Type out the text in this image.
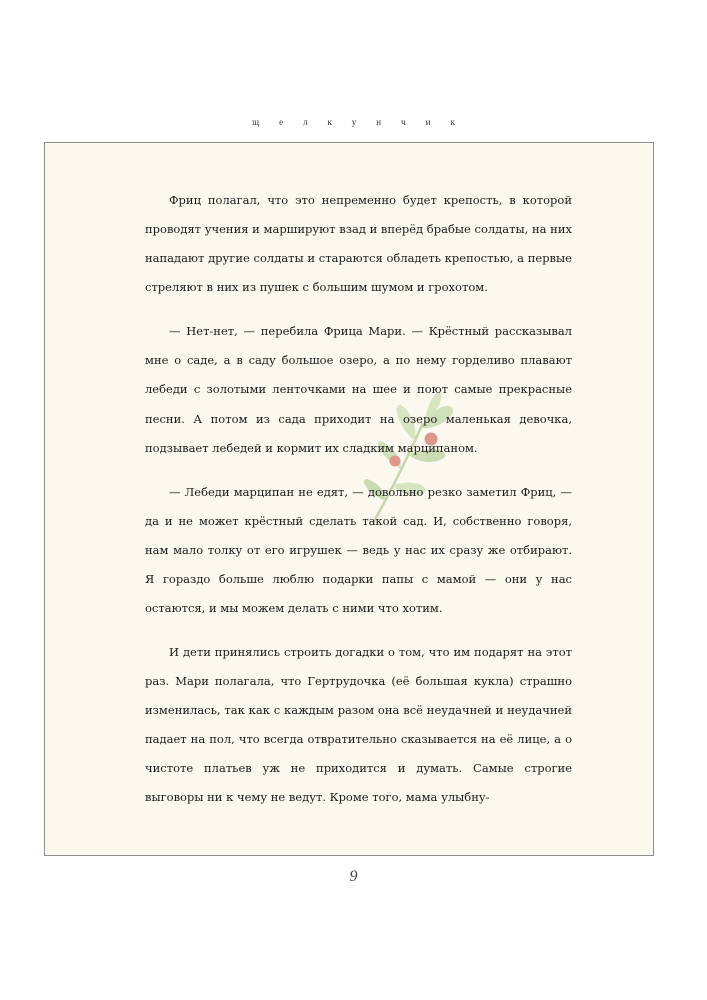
щелкунчик

Фриц полагал, что это непременно будет крепость, в которой проводят учения и маршируют взад и вперёд брабые солдаты, на них нападают другие солдаты и стараются обладеть крепостью, а первые стреляют в них из пушек с большим шумом и грохотом.

— Нет-нет, — перебила Фрица Мари. — Крёстный рассказывал мне о саде, а в саду большое озеро, а по нему горделиво плавают лебеди с золотыми ленточками на шее и поют самые прекрасные песни. А потом из сада приходит на озеро маленькая девочка, подзывает лебедей и кормит их сладким марципаном.

— Лебеди марципан не едят, — довольно резко заметил Фриц, — да и не может крёстный сделать такой сад. И, собственно говоря, нам мало толку от его игрушек — ведь у нас их сразу же отбирают. Я гораздо больше люблю подарки папы с мамой — они у нас остаются, и мы можем делать с ними что хотим.

И дети принялись строить догадки о том, что им подарят на этот раз. Мари полагала, что Гертрудочка (её большая кукла) страшно изменилась, так как с каждым разом она всё неудачней и неудачней падает на пол, что всегда отвратительно сказывается на её лице, а о чистоте платьев уж не приходится и думать. Самые строгие выговоры ни к чему не ведут. Кроме того, мама улыбну-

9
